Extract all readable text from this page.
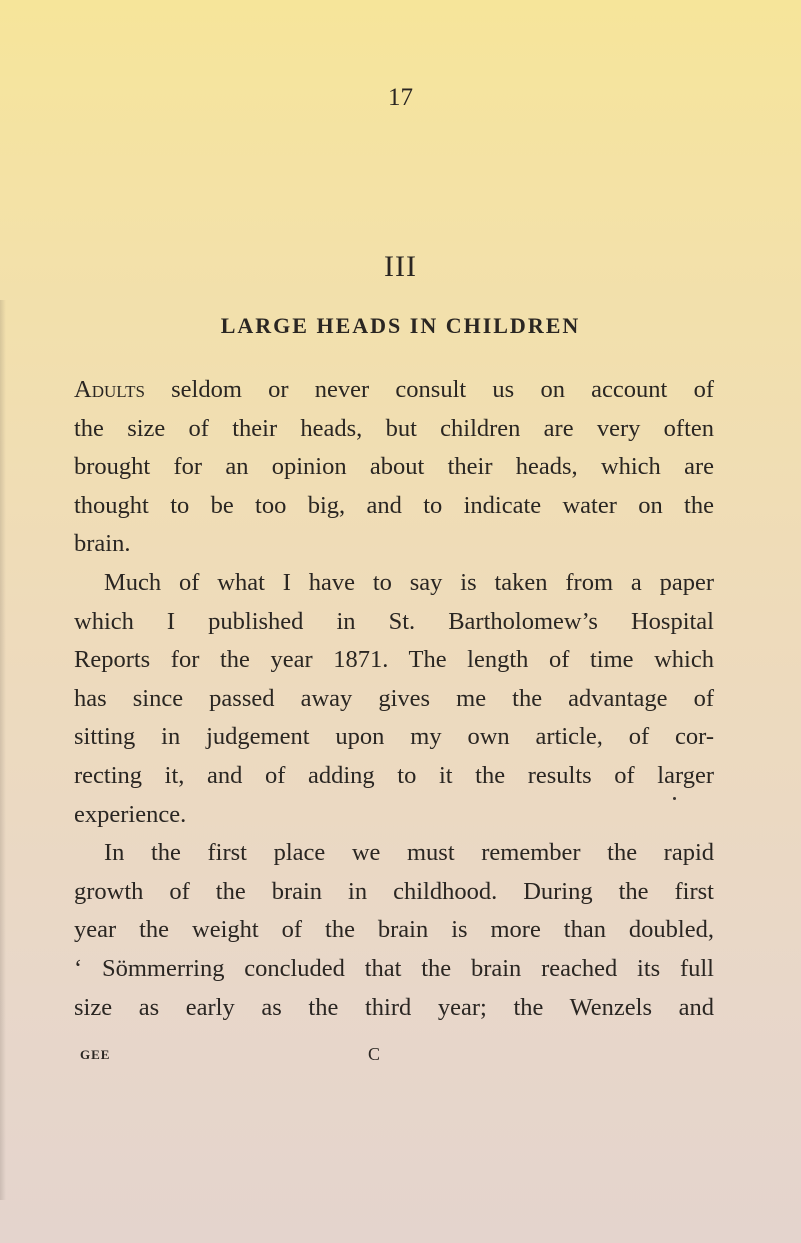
17
III
LARGE HEADS IN CHILDREN
Adults seldom or never consult us on account of
the size of their heads, but children are very often
brought for an opinion about their heads, which are
thought to be too big, and to indicate water on the
brain.
Much of what I have to say is taken from a paper
which I published in St. Bartholomew’s Hospital
Reports for the year 1871. The length of time which
has since passed away gives me the advantage of
sitting in judgement upon my own article, of cor-
recting it, and of adding to it the results of larger
experience.
In the first place we must remember the rapid
growth of the brain in childhood. During the first
year the weight of the brain is more than doubled,
‘ Sömmerring concluded that the brain reached its full
size as early as the third year; the Wenzels and
GEE	C
